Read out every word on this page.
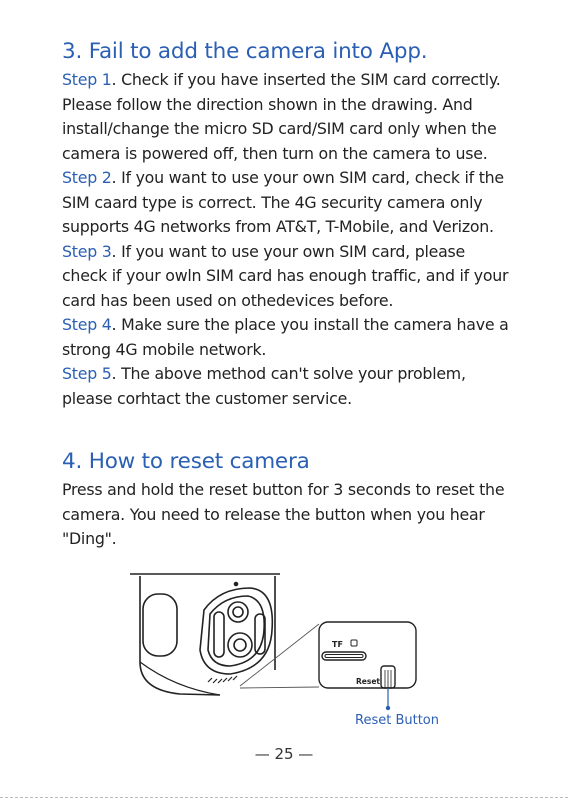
3. Fail to add the camera into App.

Step 1. Check if you have inserted the SIM card correctly. Please follow the direction shown in the drawing. And install/change the micro SD card/SIM card only when the camera is powered off, then turn on the camera to use.
Step 2. If you want to use your own SIM card, check if the SIM caard type is correct. The 4G security camera only supports 4G networks from AT&T, T-Mobile, and Verizon.
Step 3. If you want to use your own SIM card, please check if your owln SIM card has enough traffic, and if your card has been used on othedevices before.
Step 4. Make sure the place you install the camera have a strong 4G mobile network.
Step 5. The above method can't solve your problem, please corhtact the customer service.

4. How to reset camera

Press and hold the reset button for 3 seconds to reset the camera. You need to release the button when you hear "Ding".

TF
Reset
Reset Button
— 25 —
